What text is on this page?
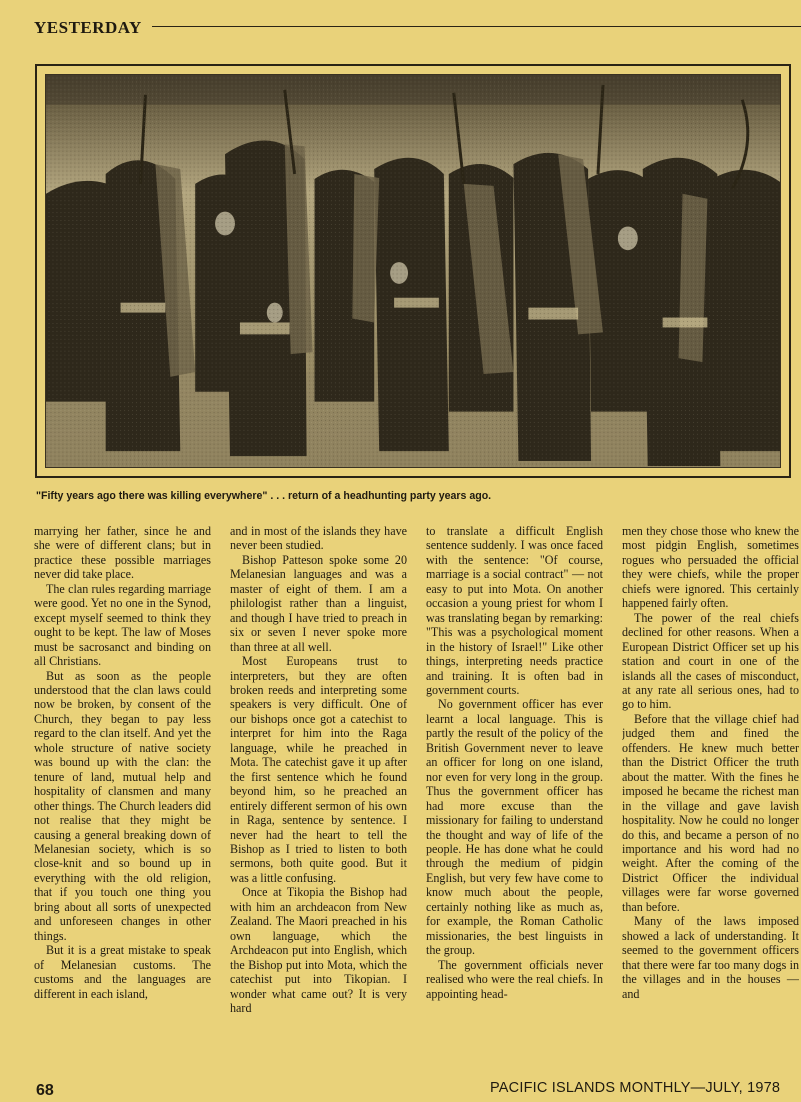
YESTERDAY
"Fifty years ago there was killing everywhere" . . . return of a headhunting party years ago.

marrying her father, since he and she were of different clans; but in practice these possible marriages never did take place.

The clan rules regarding marriage were good. Yet no one in the Synod, except myself seemed to think they ought to be kept. The law of Moses must be sacrosanct and binding on all Christians.

But as soon as the people understood that the clan laws could now be broken, by consent of the Church, they began to pay less regard to the clan itself. And yet the whole structure of native society was bound up with the clan: the tenure of land, mutual help and hospitality of clansmen and many other things. The Church leaders did not realise that they might be causing a general breaking down of Melanesian society, which is so close-knit and so bound up in everything with the old religion, that if you touch one thing you bring about all sorts of unexpected and unforeseen changes in other things.

But it is a great mistake to speak of Melanesian customs. The customs and the languages are different in each island,

and in most of the islands they have never been studied.

Bishop Patteson spoke some 20 Melanesian languages and was a master of eight of them. I am a philologist rather than a linguist, and though I have tried to preach in six or seven I never spoke more than three at all well.

Most Europeans trust to interpreters, but they are often broken reeds and interpreting some speakers is very difficult. One of our bishops once got a catechist to interpret for him into the Raga language, while he preached in Mota. The catechist gave it up after the first sentence which he found beyond him, so he preached an entirely different sermon of his own in Raga, sentence by sentence. I never had the heart to tell the Bishop as I tried to listen to both sermons, both quite good. But it was a little confusing.

Once at Tikopia the Bishop had with him an archdeacon from New Zealand. The Maori preached in his own language, which the Archdeacon put into English, which the Bishop put into Mota, which the catechist put into Tikopian. I wonder what came out? It is very hard

to translate a difficult English sentence suddenly. I was once faced with the sentence: "Of course, marriage is a social contract" — not easy to put into Mota. On another occasion a young priest for whom I was translating began by remarking: "This was a psychological moment in the history of Israel!" Like other things, interpreting needs practice and training. It is often bad in government courts.

No government officer has ever learnt a local language. This is partly the result of the policy of the British Government never to leave an officer for long on one island, nor even for very long in the group. Thus the government officer has had more excuse than the missionary for failing to understand the thought and way of life of the people. He has done what he could through the medium of pidgin English, but very few have come to know much about the people, certainly nothing like as much as, for example, the Roman Catholic missionaries, the best linguists in the group.

The government officials never realised who were the real chiefs. In appointing head-

men they chose those who knew the most pidgin English, sometimes rogues who persuaded the official they were chiefs, while the proper chiefs were ignored. This certainly happened fairly often.

The power of the real chiefs declined for other reasons. When a European District Officer set up his station and court in one of the islands all the cases of misconduct, at any rate all serious ones, had to go to him.

Before that the village chief had judged them and fined the offenders. He knew much better than the District Officer the truth about the matter. With the fines he imposed he became the richest man in the village and gave lavish hospitality. Now he could no longer do this, and became a person of no importance and his word had no weight. After the coming of the District Officer the individual villages were far worse governed than before.

Many of the laws imposed showed a lack of understanding. It seemed to the government officers that there were far too many dogs in the villages and in the houses — and

68	PACIFIC ISLANDS MONTHLY—JULY, 1978
